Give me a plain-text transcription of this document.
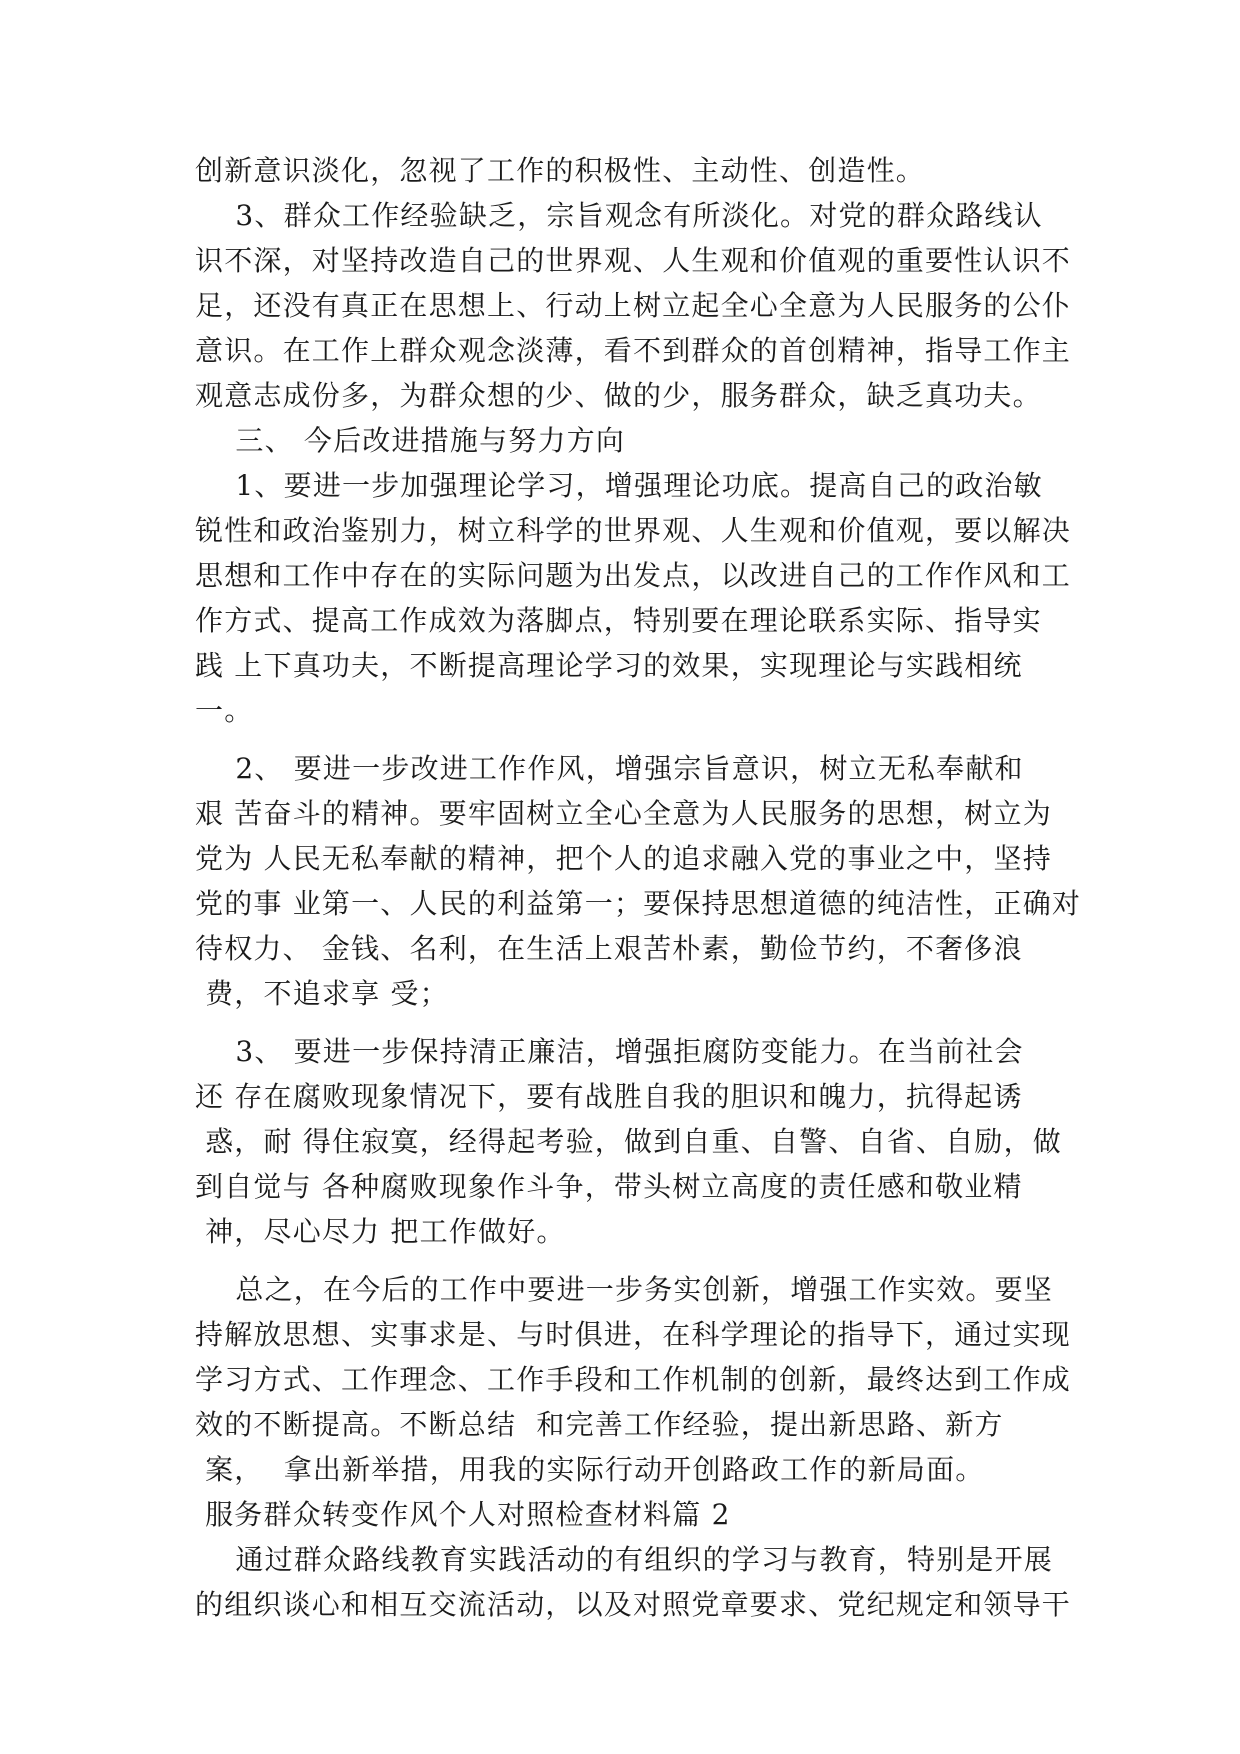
创新意识淡化，忽视了工作的积极性、主动性、创造性。
3、群众工作经验缺乏，宗旨观念有所淡化。对党的群众路线认
识不深，对坚持改造自己的世界观、人生观和价值观的重要性认识不
足，还没有真正在思想上、行动上树立起全心全意为人民服务的公仆
意识。在工作上群众观念淡薄，看不到群众的首创精神，指导工作主
观意志成份多，为群众想的少、做的少，服务群众，缺乏真功夫。
三、 今后改进措施与努力方向
1、要进一步加强理论学习，增强理论功底。提高自己的政治敏
锐性和政治鉴别力，树立科学的世界观、人生观和价值观，要以解决
思想和工作中存在的实际问题为出发点，以改进自己的工作作风和工
作方式、提高工作成效为落脚点，特别要在理论联系实际、指导实
践 上下真功夫，不断提高理论学习的效果，实现理论与实践相统
一。
2、 要进一步改进工作作风，增强宗旨意识，树立无私奉献和
艰 苦奋斗的精神。要牢固树立全心全意为人民服务的思想，树立为
党为 人民无私奉献的精神，把个人的追求融入党的事业之中，坚持
党的事 业第一、人民的利益第一；要保持思想道德的纯洁性，正确对
待权力、 金钱、名利，在生活上艰苦朴素，勤俭节约，不奢侈浪
费，不追求享 受；
3、 要进一步保持清正廉洁，增强拒腐防变能力。在当前社会
还 存在腐败现象情况下，要有战胜自我的胆识和魄力，抗得起诱
惑，耐 得住寂寞，经得起考验，做到自重、自警、自省、自励，做
到自觉与 各种腐败现象作斗争，带头树立高度的责任感和敬业精
神，尽心尽力 把工作做好。
总之，在今后的工作中要进一步务实创新，增强工作实效。要坚
持解放思想、实事求是、与时俱进，在科学理论的指导下，通过实现
学习方式、工作理念、工作手段和工作机制的创新，最终达到工作成
效的不断提高。不断总结  和完善工作经验，提出新思路、新方
案，  拿出新举措，用我的实际行动开创路政工作的新局面。
服务群众转变作风个人对照检查材料篇 2
通过群众路线教育实践活动的有组织的学习与教育，特别是开展
的组织谈心和相互交流活动，以及对照党章要求、党纪规定和领导干
